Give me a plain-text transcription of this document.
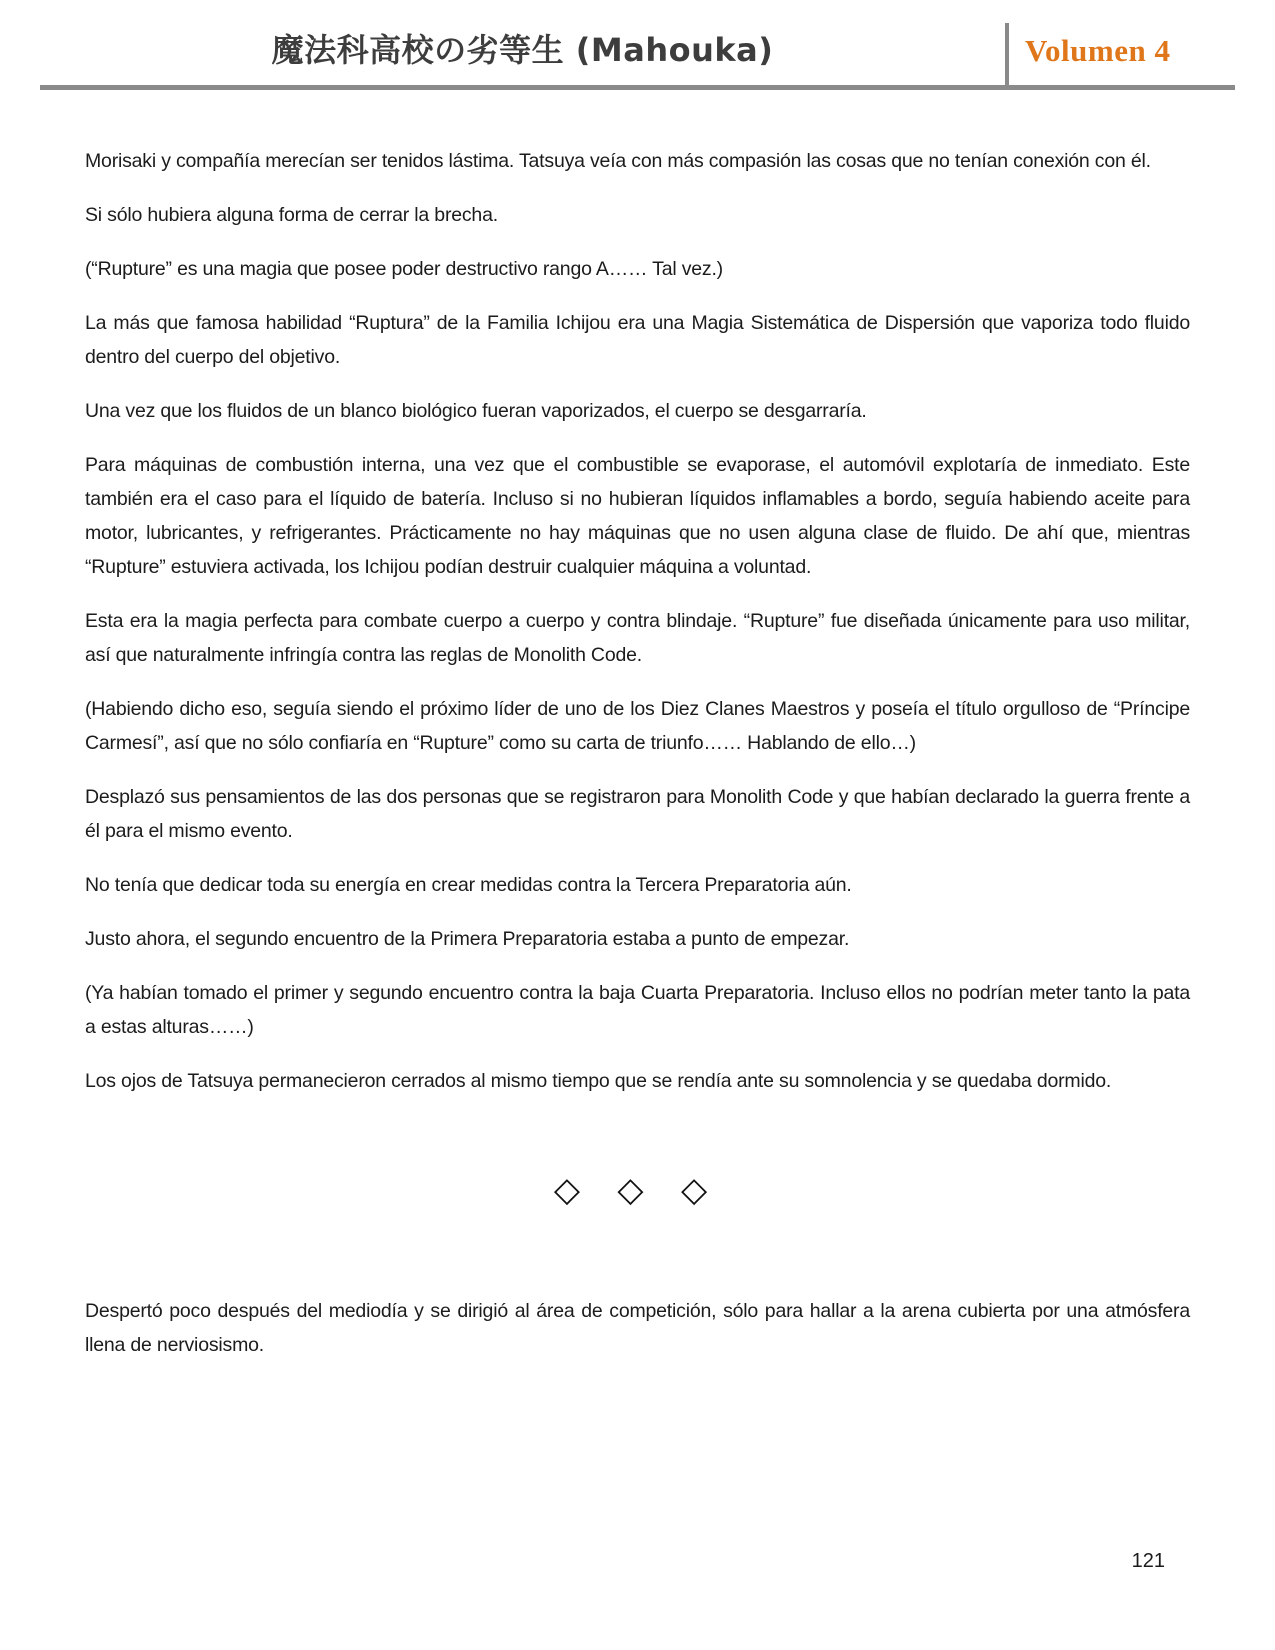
魔法科高校の劣等生 (Mahouka)	Volumen 4

Morisaki y compañía merecían ser tenidos lástima. Tatsuya veía con más compasión las cosas que no tenían conexión con él.

Si sólo hubiera alguna forma de cerrar la brecha.

(“Rupture” es una magia que posee poder destructivo rango A…… Tal vez.)

La más que famosa habilidad “Ruptura” de la Familia Ichijou era una Magia Sistemática de Dispersión que vaporiza todo fluido dentro del cuerpo del objetivo.

Una vez que los fluidos de un blanco biológico fueran vaporizados, el cuerpo se desgarraría.

Para máquinas de combustión interna, una vez que el combustible se evaporase, el automóvil explotaría de inmediato. Este también era el caso para el líquido de batería. Incluso si no hubieran líquidos inflamables a bordo, seguía habiendo aceite para motor, lubricantes, y refrigerantes. Prácticamente no hay máquinas que no usen alguna clase de fluido. De ahí que, mientras “Rupture” estuviera activada, los Ichijou podían destruir cualquier máquina a voluntad.

Esta era la magia perfecta para combate cuerpo a cuerpo y contra blindaje. “Rupture” fue diseñada únicamente para uso militar, así que naturalmente infringía contra las reglas de Monolith Code.

(Habiendo dicho eso, seguía siendo el próximo líder de uno de los Diez Clanes Maestros y poseía el título orgulloso de “Príncipe Carmesí”, así que no sólo confiaría en “Rupture” como su carta de triunfo…… Hablando de ello…)

Desplazó sus pensamientos de las dos personas que se registraron para Monolith Code y que habían declarado la guerra frente a él para el mismo evento.

No tenía que dedicar toda su energía en crear medidas contra la Tercera Preparatoria aún.

Justo ahora, el segundo encuentro de la Primera Preparatoria estaba a punto de empezar.

(Ya habían tomado el primer y segundo encuentro contra la baja Cuarta Preparatoria. Incluso ellos no podrían meter tanto la pata a estas alturas……)

Los ojos de Tatsuya permanecieron cerrados al mismo tiempo que se rendía ante su somnolencia y se quedaba dormido.

◇ ◇ ◇

Despertó poco después del mediodía y se dirigió al área de competición, sólo para hallar a la arena cubierta por una atmósfera llena de nerviosismo.

121
